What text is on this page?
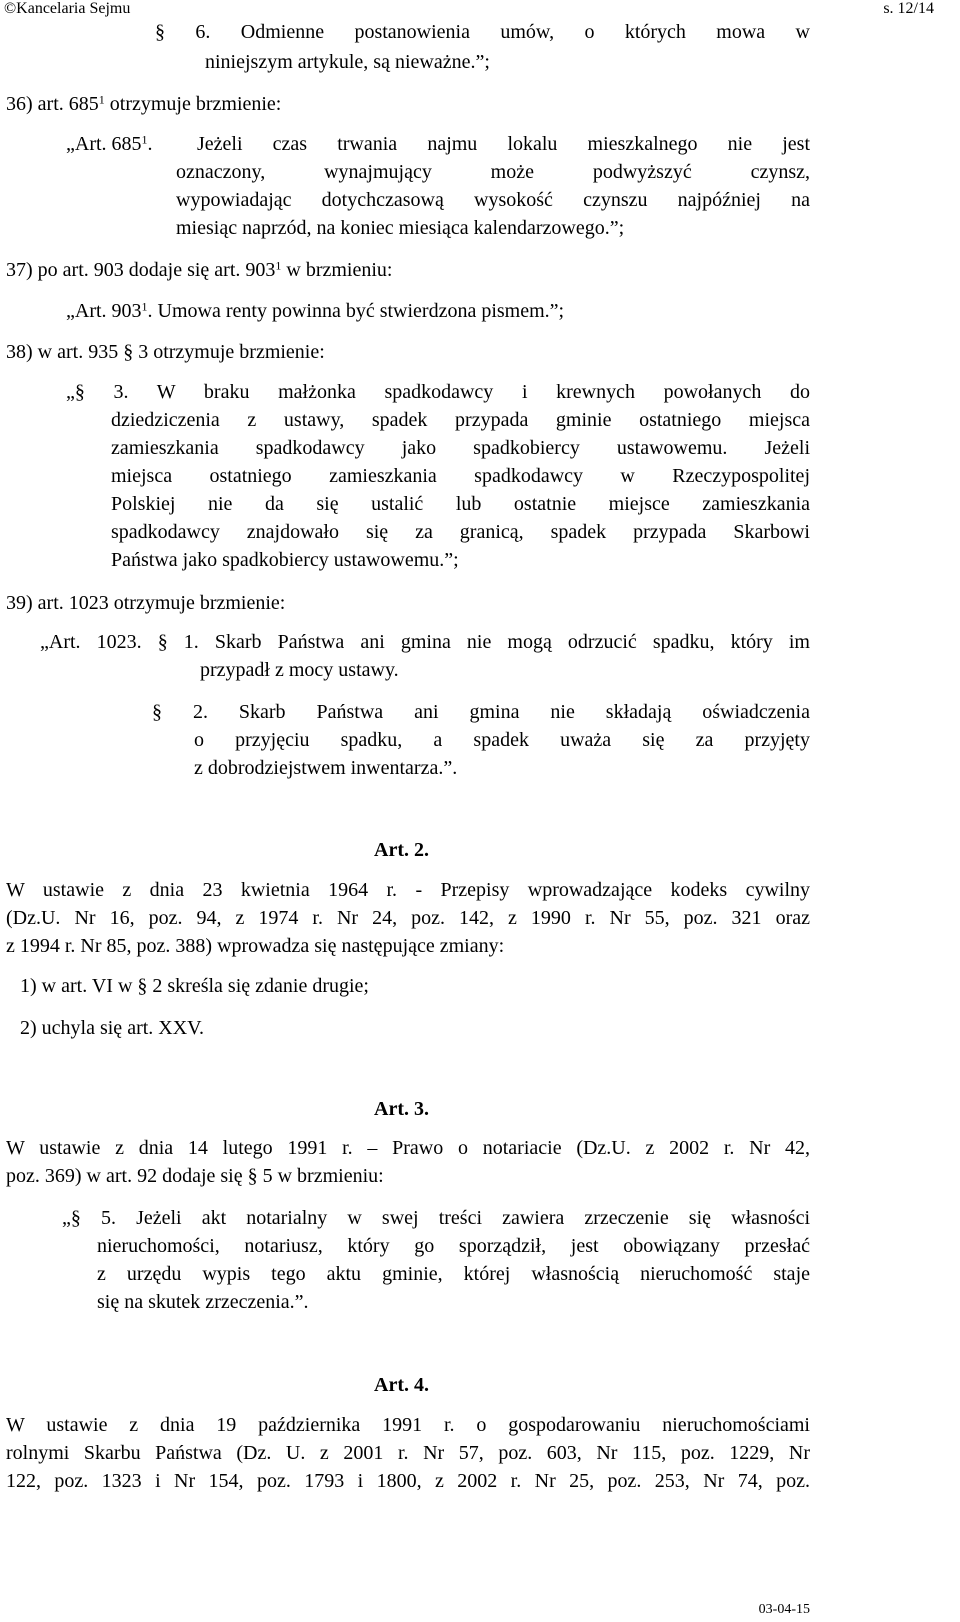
©Kancelaria Sejmu	s. 12/14
§ 6. Odmienne postanowienia umów, o których mowa w
niniejszym artykule, są nieważne.”;
36) art. $685^1$ otrzymuje brzmienie:
„Art. $685^1$. Jeżeli czas trwania najmu lokalu mieszkalnego nie jest
oznaczony, wynajmujący może podwyższyć czynsz,
wypowiadając dotychczasową wysokość czynszu najpóźniej na
miesiąc naprzód, na koniec miesiąca kalendarzowego.”;
37) po art. 903 dodaje się art. $903^1$ w brzmieniu:
„Art. $903^1$. Umowa renty powinna być stwierdzona pismem.”;
38) w art. 935 § 3 otrzymuje brzmienie:
„§ 3. W braku małżonka spadkodawcy i krewnych powołanych do
dziedziczenia z ustawy, spadek przypada gminie ostatniego miejsca
zamieszkania spadkodawcy jako spadkobiercy ustawowemu. Jeżeli
miejsca ostatniego zamieszkania spadkodawcy w Rzeczypospolitej
Polskiej nie da się ustalić lub ostatnie miejsce zamieszkania
spadkodawcy znajdowało się za granicą, spadek przypada Skarbowi
Państwa jako spadkobiercy ustawowemu.”;
39) art. 1023 otrzymuje brzmienie:
„Art. 1023. § 1. Skarb Państwa ani gmina nie mogą odrzucić spadku, który im
przypadł z mocy ustawy.
§ 2. Skarb Państwa ani gmina nie składają oświadczenia
o przyjęciu spadku, a spadek uważa się za przyjęty
z dobrodziejstwem inwentarza.”.
Art. 2.
W ustawie z dnia 23 kwietnia 1964 r. - Przepisy wprowadzające kodeks cywilny
(Dz.U. Nr 16, poz. 94, z 1974 r. Nr 24, poz. 142, z 1990 r. Nr 55, poz. 321 oraz
z 1994 r. Nr 85, poz. 388) wprowadza się następujące zmiany:
1) w art. VI w § 2 skreśla się zdanie drugie;
2) uchyla się art. XXV.
Art. 3.
W ustawie z dnia 14 lutego 1991 r. – Prawo o notariacie (Dz.U. z 2002 r. Nr 42,
poz. 369) w art. 92 dodaje się § 5 w brzmieniu:
„§ 5. Jeżeli akt notarialny w swej treści zawiera zrzeczenie się własności
nieruchomości, notariusz, który go sporządził, jest obowiązany przesłać
z urzędu wypis tego aktu gminie, której własnością nieruchomość staje
się na skutek zrzeczenia.”.
Art. 4.
W ustawie z dnia 19 października 1991 r. o gospodarowaniu nieruchomościami
rolnymi Skarbu Państwa (Dz. U. z 2001 r. Nr 57, poz. 603, Nr 115, poz. 1229, Nr
122, poz. 1323 i Nr 154, poz. 1793 i 1800, z 2002 r. Nr 25, poz. 253, Nr 74, poz.
03-04-15
